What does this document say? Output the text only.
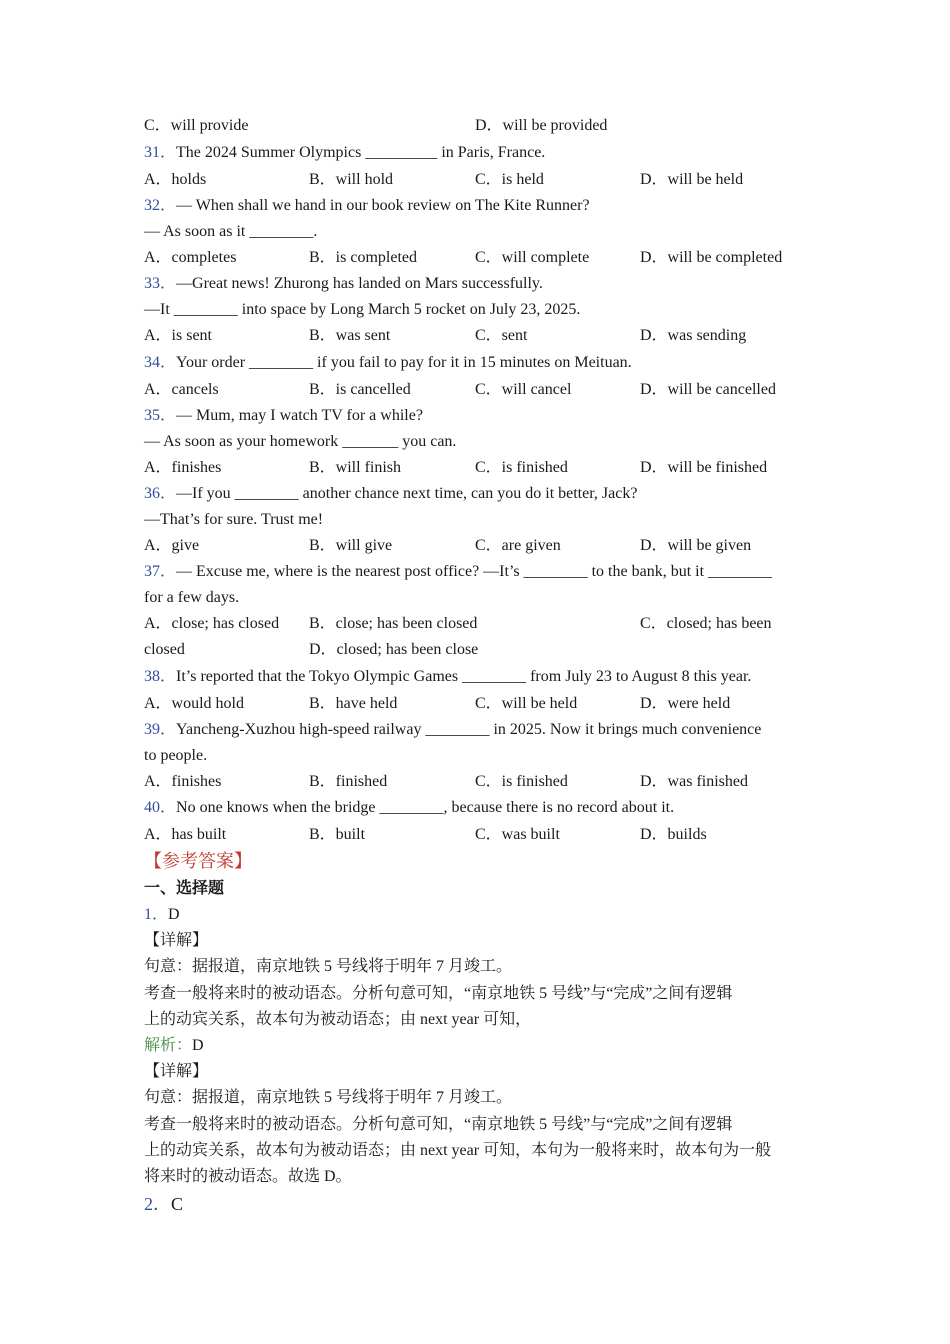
C．will provide	D．will be provided
31．The 2024 Summer Olympics _________ in Paris, France.
A．holds	B．will hold	C．is held	D．will be held
32．— When shall we hand in our book review on The Kite Runner?
— As soon as it ________.
A．completes	B．is completed	C．will complete	D．will be completed
33．—Great news! Zhurong has landed on Mars successfully.
—It ________ into space by Long March 5 rocket on July 23, 2025.
A．is sent	B．was sent	C．sent	D．was sending
34．Your order ________ if you fail to pay for it in 15 minutes on Meituan.
A．cancels	B．is cancelled	C．will cancel	D．will be cancelled
35．— Mum, may I watch TV for a while?
— As soon as your homework _______ you can.
A．finishes	B．will finish	C．is finished	D．will be finished
36．—If you ________ another chance next time, can you do it better, Jack?
—That’s for sure. Trust me!
A．give	B．will give	C．are given	D．will be given
37．— Excuse me, where is the nearest post office? —It’s ________ to the bank, but it ________
for a few days.
A．close; has closed B．close; has been closed	C．closed; has been
closed	D．closed; has been close
38．It’s reported that the Tokyo Olympic Games ________ from July 23 to August 8 this year.
A．would hold	B．have held	C．will be held	D．were held
39．Yancheng-Xuzhou high-speed railway ________ in 2025. Now it brings much convenience
to people.
A．finishes	B．finished	C．is finished	D．was finished
40．No one knows when the bridge ________, because there is no record about it.
A．has built	B．built	C．was built	D．builds
【参考答案】
一、选择题
1．D
【详解】
句意：据报道，南京地铁 5 号线将于明年 7 月竣工。
考查一般将来时的被动语态。分析句意可知，“南京地铁 5 号线”与“完成”之间有逻辑
上的动宾关系，故本句为被动语态；由 next year 可知，
解析：D
【详解】
句意：据报道，南京地铁 5 号线将于明年 7 月竣工。
考查一般将来时的被动语态。分析句意可知，“南京地铁 5 号线”与“完成”之间有逻辑
上的动宾关系，故本句为被动语态；由 next year 可知，本句为一般将来时，故本句为一般
将来时的被动语态。故选 D。
2．C
